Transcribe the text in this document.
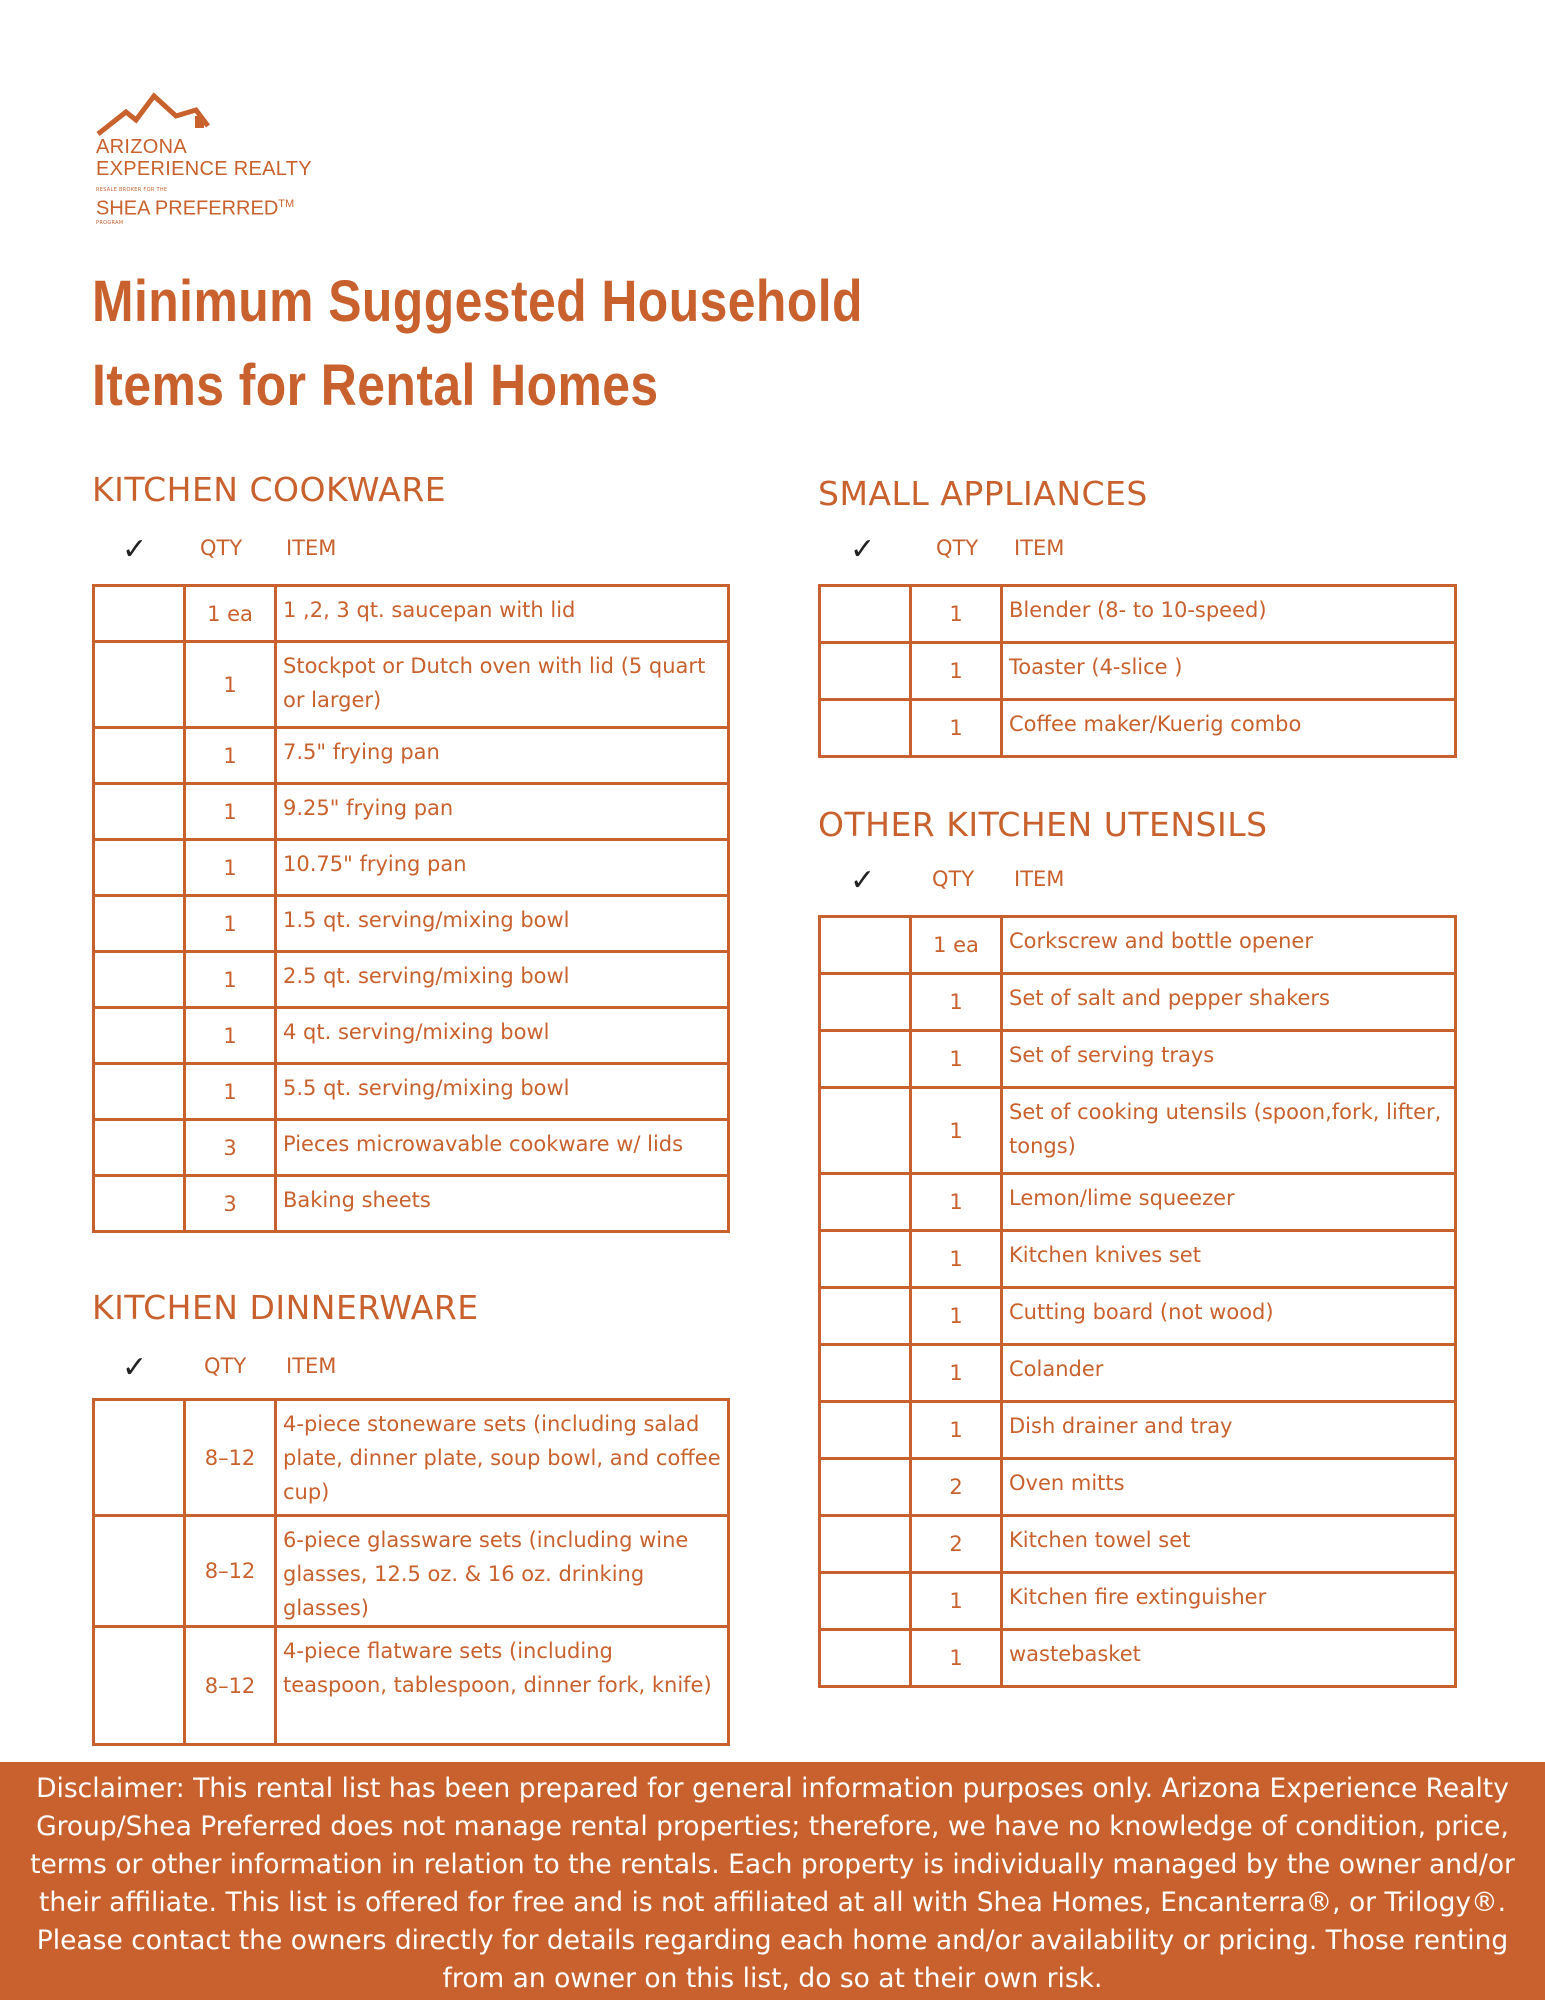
ARIZONA
EXPERIENCE REALTY
RESALE BROKER FOR THE
SHEA PREFERRED™
PROGRAM
Minimum Suggested Household
Items for Rental Homes
KITCHEN COOKWARE
✓	QTY ITEM
	1 ea	1 ,2, 3 qt. saucepan with lid
	1	Stockpot or Dutch oven with lid (5 quart or larger)
	1	7.5" frying pan
	1	9.25" frying pan
	1	10.75" frying pan
	1	1.5 qt. serving/mixing bowl
	1	2.5 qt. serving/mixing bowl
	1	4 qt. serving/mixing bowl
	1	5.5 qt. serving/mixing bowl
	3	Pieces microwavable cookware w/ lids
	3	Baking sheets
KITCHEN DINNERWARE
✓	QTY ITEM
	8–12	4-piece stoneware sets (including salad plate, dinner plate, soup bowl, and coffee cup)
	8–12	6-piece glassware sets (including wine glasses, 12.5 oz. & 16 oz. drinking glasses)
	8–12	4-piece flatware sets (including teaspoon, tablespoon, dinner fork, knife)
SMALL APPLIANCES
✓	QTY ITEM
	1	Blender (8- to 10-speed)
	1	Toaster (4-slice )
	1	Coffee maker/Kuerig combo
OTHER KITCHEN UTENSILS
✓	QTY ITEM
	1 ea	Corkscrew and bottle opener
	1	Set of salt and pepper shakers
	1	Set of serving trays
	1	Set of cooking utensils (spoon,fork, lifter, tongs)
	1	Lemon/lime squeezer
	1	Kitchen knives set
	1	Cutting board (not wood)
	1	Colander
	1	Dish drainer and tray
	2	Oven mitts
	2	Kitchen towel set
	1	Kitchen fire extinguisher
	1	wastebasket
Disclaimer: This rental list has been prepared for general information purposes only. Arizona Experience Realty Group/Shea Preferred does not manage rental properties; therefore, we have no knowledge of condition, price, terms or other information in relation to the rentals. Each property is individually managed by the owner and/or their affiliate. This list is offered for free and is not affiliated at all with Shea Homes, Encanterra®, or Trilogy®. Please contact the owners directly for details regarding each home and/or availability or pricing. Those renting from an owner on this list, do so at their own risk.
